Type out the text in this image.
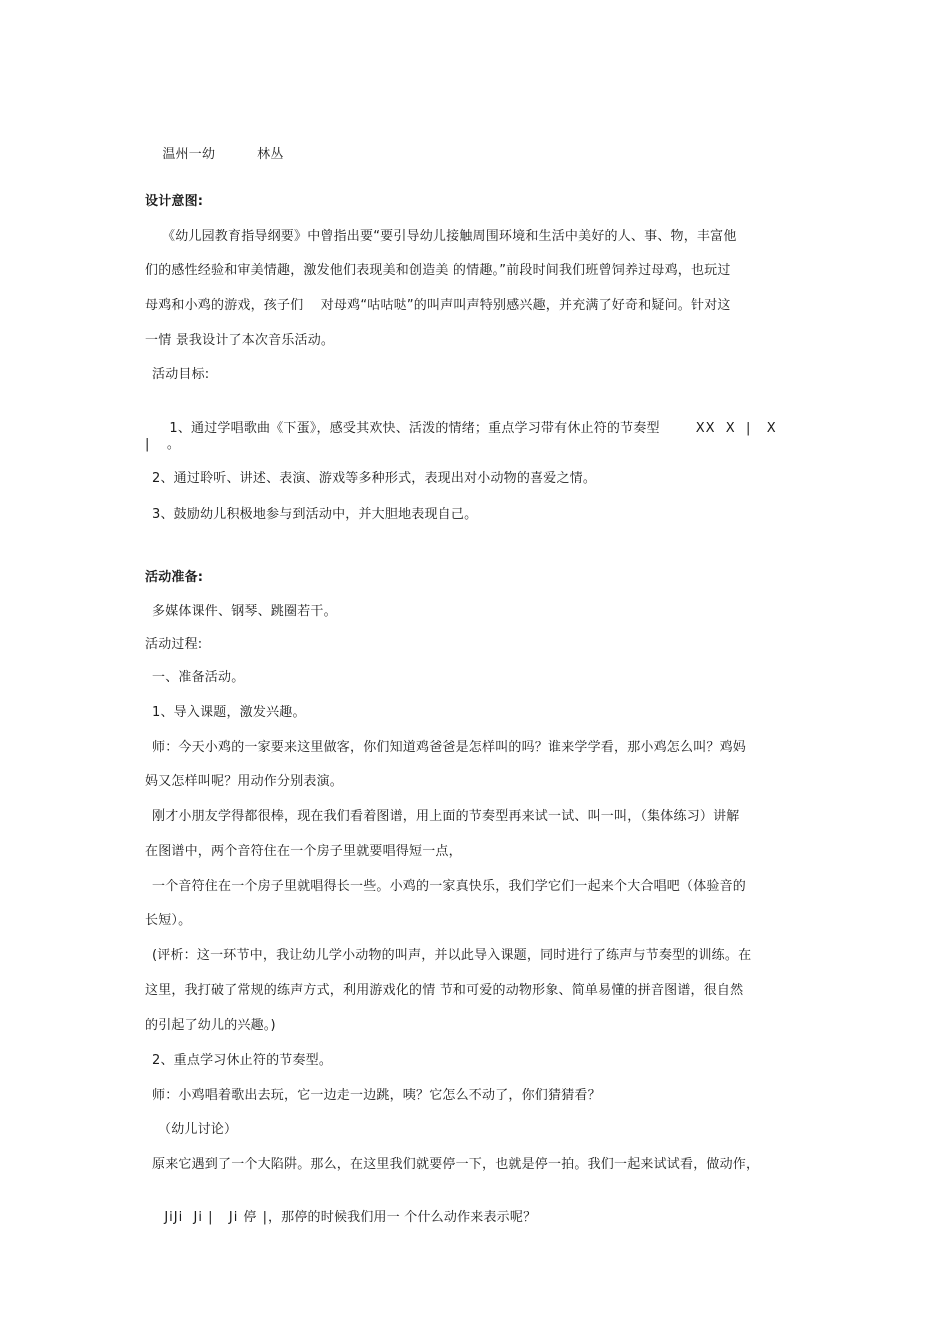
温州一幼	林丛

设计意图:
《幼儿园教育指导纲要》中曾指出要“要引导幼儿接触周围环境和生活中美好的人、事、物，丰富他
们的感性经验和审美情趣，激发他们表现美和创造美 的情趣。”前段时间我们班曾饲养过母鸡，也玩过
母鸡和小鸡的游戏，孩子们    对母鸡“咕咕哒”的叫声叫声特别感兴趣，并充满了好奇和疑问。针对这
一情 景我设计了本次音乐活动。
活动目标:

1、通过学唱歌曲《下蛋》，感受其欢快、活泼的情绪；重点学习带有休止符的节奏型	XX  X  |   X

|    。
2、通过聆听、讲述、表演、游戏等多种形式，表现出对小动物的喜爱之情。
3、鼓励幼儿积极地参与到活动中，并大胆地表现自己。
活动准备:
多媒体课件、钢琴、跳圈若干。
活动过程:
一、准备活动。
1、导入课题，激发兴趣。
师：今天小鸡的一家要来这里做客，你们知道鸡爸爸是怎样叫的吗？谁来学学看，那小鸡怎么叫？鸡妈
妈又怎样叫呢？用动作分别表演。
刚才小朋友学得都很棒，现在我们看着图谱，用上面的节奏型再来试一试、叫一叫，（集体练习）讲解
在图谱中，两个音符住在一个房子里就要唱得短一点，
一个音符住在一个房子里就唱得长一些。小鸡的一家真快乐，我们学它们一起来个大合唱吧（体验音的
长短）。
(评析：这一环节中，我让幼儿学小动物的叫声，并以此导入课题，同时进行了练声与节奏型的训练。在
这里，我打破了常规的练声方式，利用游戏化的情 节和可爱的动物形象、简单易懂的拼音图谱，很自然
的引起了幼儿的兴趣。)
2、重点学习休止符的节奏型。
师：小鸡唱着歌出去玩，它一边走一边跳，咦？它怎么不动了，你们猜猜看？
（幼儿讨论）
原来它遇到了一个大陷阱。那么，在这里我们就要停一下，也就是停一拍。我们一起来试试看，做动作，

JiJi  Ji |   Ji 停 |，那停的时候我们用一 个什么动作来表示呢？
